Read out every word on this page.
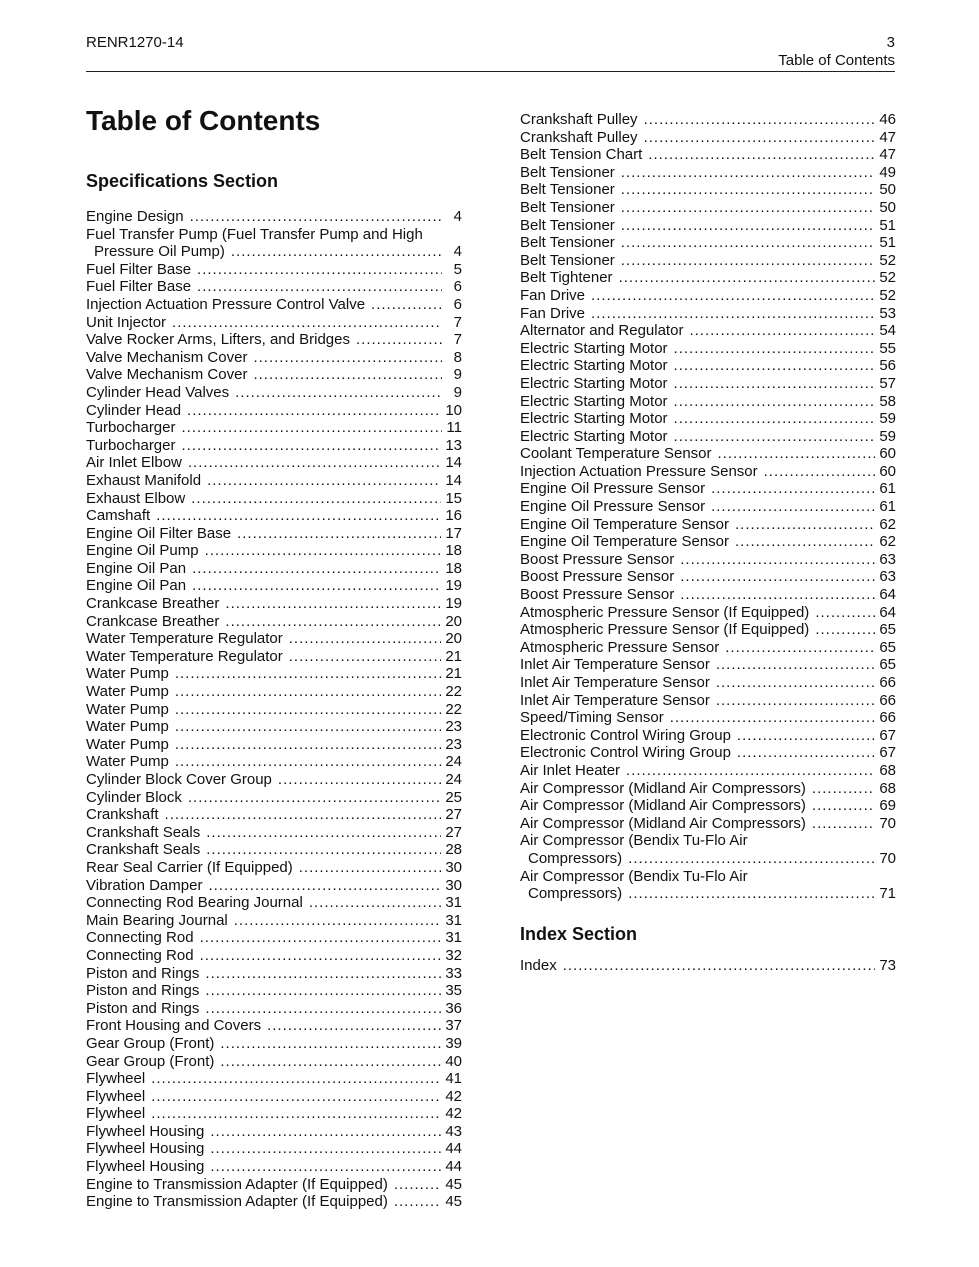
RENR1270-14	3
Table of Contents
Table of Contents
Specifications Section
Engine Design .....	4
Fuel Transfer Pump (Fuel Transfer Pump and High
Pressure Oil Pump) .....	4
Fuel Filter Base .....	5
Fuel Filter Base .....	6
Injection Actuation Pressure Control Valve .....	6
Unit Injector .....	7
Valve Rocker Arms, Lifters, and Bridges .....	7
Valve Mechanism Cover .....	8
Valve Mechanism Cover .....	9
Cylinder Head Valves .....	9
Cylinder Head .....	10
Turbocharger .....	11
Turbocharger .....	13
Air Inlet Elbow .....	14
Exhaust Manifold .....	14
Exhaust Elbow .....	15
Camshaft .....	16
Engine Oil Filter Base .....	17
Engine Oil Pump .....	18
Engine Oil Pan .....	18
Engine Oil Pan .....	19
Crankcase Breather .....	19
Crankcase Breather .....	20
Water Temperature Regulator .....	20
Water Temperature Regulator .....	21
Water Pump .....	21
Water Pump .....	22
Water Pump .....	22
Water Pump .....	23
Water Pump .....	23
Water Pump .....	24
Cylinder Block Cover Group .....	24
Cylinder Block .....	25
Crankshaft .....	27
Crankshaft Seals .....	27
Crankshaft Seals .....	28
Rear Seal Carrier (If Equipped) .....	30
Vibration Damper .....	30
Connecting Rod Bearing Journal .....	31
Main Bearing Journal .....	31
Connecting Rod .....	31
Connecting Rod .....	32
Piston and Rings .....	33
Piston and Rings .....	35
Piston and Rings .....	36
Front Housing and Covers .....	37
Gear Group (Front) .....	39
Gear Group (Front) .....	40
Flywheel .....	41
Flywheel .....	42
Flywheel .....	42
Flywheel Housing .....	43
Flywheel Housing .....	44
Flywheel Housing .....	44
Engine to Transmission Adapter (If Equipped) .....	45
Engine to Transmission Adapter (If Equipped) .....	45
Crankshaft Pulley .....	46
Crankshaft Pulley .....	47
Belt Tension Chart .....	47
Belt Tensioner .....	49
Belt Tensioner .....	50
Belt Tensioner .....	50
Belt Tensioner .....	51
Belt Tensioner .....	51
Belt Tensioner .....	52
Belt Tightener .....	52
Fan Drive .....	52
Fan Drive .....	53
Alternator and Regulator .....	54
Electric Starting Motor .....	55
Electric Starting Motor .....	56
Electric Starting Motor .....	57
Electric Starting Motor .....	58
Electric Starting Motor .....	59
Electric Starting Motor .....	59
Coolant Temperature Sensor .....	60
Injection Actuation Pressure Sensor .....	60
Engine Oil Pressure Sensor .....	61
Engine Oil Pressure Sensor .....	61
Engine Oil Temperature Sensor .....	62
Engine Oil Temperature Sensor .....	62
Boost Pressure Sensor .....	63
Boost Pressure Sensor .....	63
Boost Pressure Sensor .....	64
Atmospheric Pressure Sensor (If Equipped) .....	64
Atmospheric Pressure Sensor (If Equipped) .....	65
Atmospheric Pressure Sensor .....	65
Inlet Air Temperature Sensor .....	65
Inlet Air Temperature Sensor .....	66
Inlet Air Temperature Sensor .....	66
Speed/Timing Sensor .....	66
Electronic Control Wiring Group .....	67
Electronic Control Wiring Group .....	67
Air Inlet Heater .....	68
Air Compressor (Midland Air Compressors) .....	68
Air Compressor (Midland Air Compressors) .....	69
Air Compressor (Midland Air Compressors) .....	70
Air Compressor (Bendix Tu-Flo Air
Compressors) .....	70
Air Compressor (Bendix Tu-Flo Air
Compressors) .....	71
Index Section
Index .....	73
